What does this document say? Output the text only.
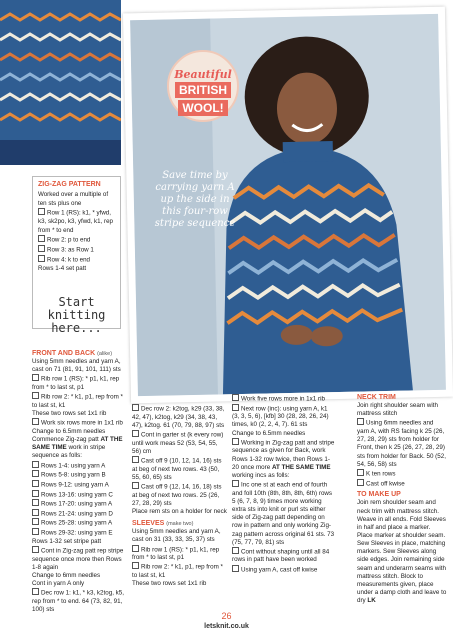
Beautiful
BRITISH
WOOL!
Save time by carrying yarn A up the side in this four-row stripe sequence
ZIG-ZAG PATTERN
Worked over a multiple of ten sts plus one
Row 1 (RS): k1, * yfwd, k3, sk2po, k3, yfwd, k1, rep from * to end
Row 2: p to end
Row 3: as Row 1
Row 4: k to end
Rows 1-4 set patt
Start knitting here...
FRONT AND BACK (alike)
Using 5mm needles and yarn A, cast on 71 (81, 91, 101, 111) sts
Rib row 1 (RS): * p1, k1, rep from * to last st, p1
Rib row 2: * k1, p1, rep from * to last st, k1
These two rows set 1x1 rib
Work six rows more in 1x1 rib
Change to 6.5mm needles
Commence Zig-zag patt AT THE SAME TIME work in stripe sequence as folls:
Rows 1-4: using yarn A
Rows 5-8: using yarn B
Rows 9-12: using yarn A
Rows 13-16: using yarn C
Rows 17-20: using yarn A
Rows 21-24: using yarn D
Rows 25-28: using yarn A
Rows 29-32: using yarn E
Rows 1-32 set stripe patt
Cont in Zig-zag patt rep stripe sequence once more then Rows 1-8 again
Change to 6mm needles
Cont in yarn A only
Dec row 1: k1, * k3, k2tog, k5, rep from * to end. 64 (73, 82, 91, 100) sts
Dec row 2: k2tog, k29 (33, 38, 42, 47), k2tog, k29 (34, 38, 43, 47), k2tog. 61 (70, 79, 88, 97) sts
Cont in garter st (k every row) until work meas 52 (53, 54, 55, 56) cm
Cast off 9 (10, 12, 14, 16) sts at beg of next two rows. 43 (50, 55, 60, 65) sts
Cast off 9 (12, 14, 16, 18) sts at beg of next two rows. 25 (26, 27, 28, 29) sts
Place rem sts on a holder for neck
SLEEVES (make two)
Using 5mm needles and yarn A, cast on 31 (33, 33, 35, 37) sts
Rib row 1 (RS): * p1, k1, rep from * to last st, p1
Rib row 2: * k1, p1, rep from * to last st, k1
These two rows set 1x1 rib
Work five rows more in 1x1 rib
Next row (inc): using yarn A, k1 (3, 3, 5, 6), [kfb] 30 (28, 28, 26, 24) times, k0 (2, 2, 4, 7). 61 sts
Change to 6.5mm needles
Working in Zig-zag patt and stripe sequence as given for Back, work Rows 1-32 row twice, then Rows 1-20 once more AT THE SAME TIME working incs as folls:
Inc one st at each end of fourth and foll 10th (8th, 8th, 8th, 6th) rows 5 (6, 7, 8, 9) times more working extra sts into knit or purl sts either side of Zig-zag patt depending on row in pattern and only working Zig-zag pattern across original 61 sts. 73 (75, 77, 79, 81) sts
Cont without shaping until all 84 rows in patt have been worked
Using yarn A, cast off kwise
NECK TRIM
Join right shoulder seam with mattress stitch
Using 6mm needles and yarn A, with RS facing k 25 (26, 27, 28, 29) sts from holder for Front, then k 25 (26, 27, 28, 29) sts from holder for Back. 50 (52, 54, 56, 58) sts
K ten rows
Cast off kwise
TO MAKE UP
Join rem shoulder seam and neck trim with mattress stitch. Weave in all ends. Fold Sleeves in half and place a marker. Place marker at shoulder seam. Sew Sleeves in place, matching markers. Sew Sleeves along side edges. Join remaining side seam and underarm seams with mattress stitch. Block to measurements given, place under a damp cloth and leave to dry LK
26
letsknit.co.uk
